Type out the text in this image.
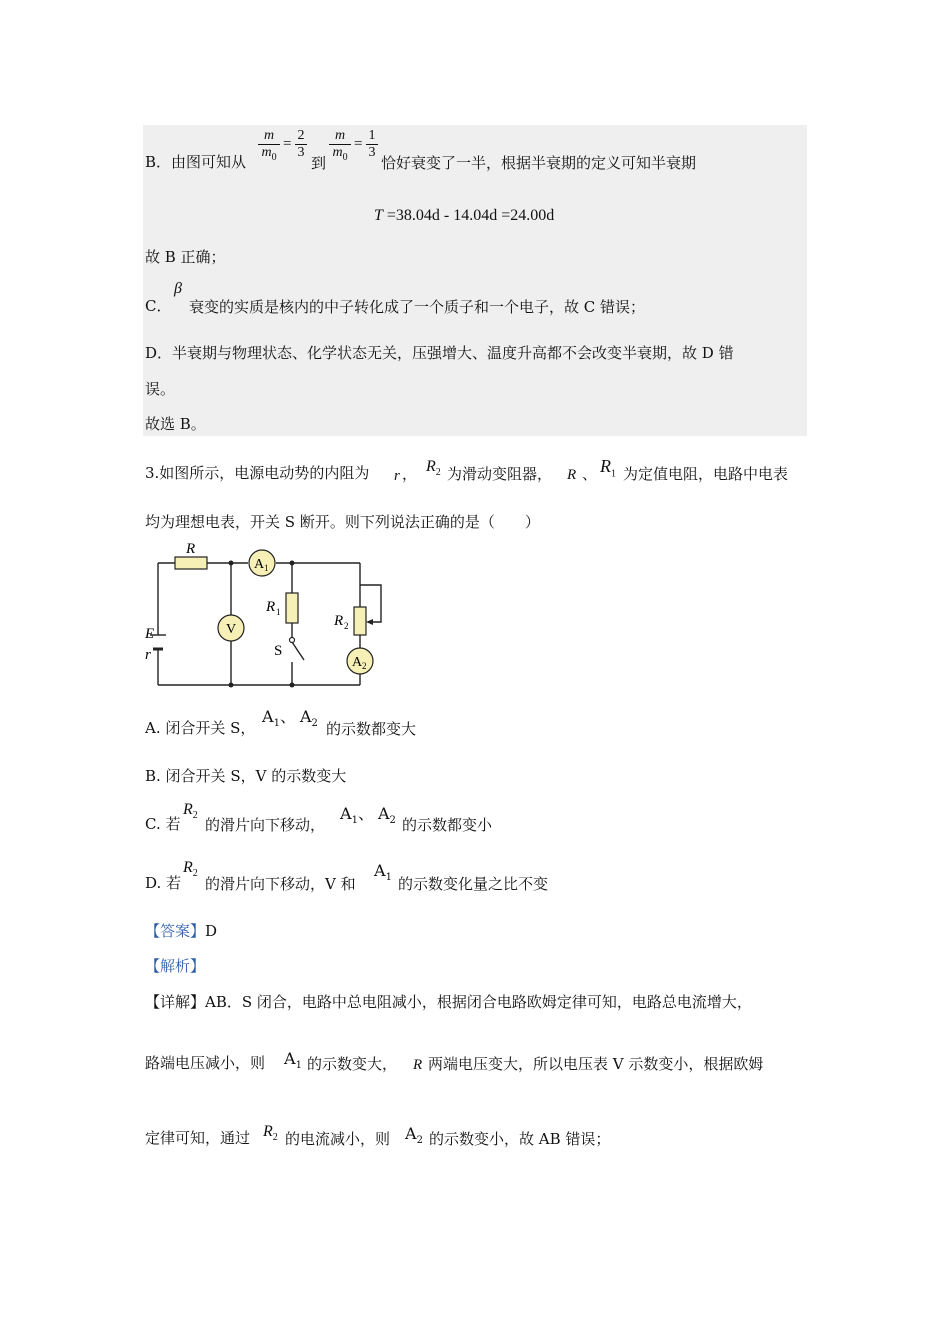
B．由图可知从
m
$m_0$
=
2
3
到
m
$m_0$
=
1
3
恰好衰变了一半，根据半衰期的定义可知半衰期
T =38.04d - 14.04d =24.00d
故 B 正确；
C．
β
衰变的实质是核内的中子转化成了一个质子和一个电子，故 C 错误；
D．半衰期与物理状态、化学状态无关，压强增大、温度升高都不会改变半衰期，故 D 错
误。
故选 B。
3.如图所示，电源电动势的内阻为 r ， $R_2$ 为滑动变阻器， R 、 $R_1$ 为定值电阻，电路中电表
均为理想电表，开关 S 断开。则下列说法正确的是（　　）
R
A 1
V
R 1
R 2
A 2
S
E
r
A. 闭合开关 S，
$A_1$、 $A_2$ 的示数都变大
B. 闭合开关 S，V 的示数变大
C. 若
$R_2$
的滑片向下移动，
$A_1$、 $A_2$ 的示数都变小
D. 若
$R_2$
的滑片向下移动，V 和
$A_1$ 的示数变化量之比不变
【答案】D
【解析】
【详解】AB．S 闭合，电路中总电阻减小，根据闭合电路欧姆定律可知，电路总电流增大，
路端电压减小，则 $A_1$ 的示数变大， R 两端电压变大，所以电压表 V 示数变小，根据欧姆
定律可知，通过 $R_2$ 的电流减小，则 $A_2$ 的示数变小，故 AB 错误；
